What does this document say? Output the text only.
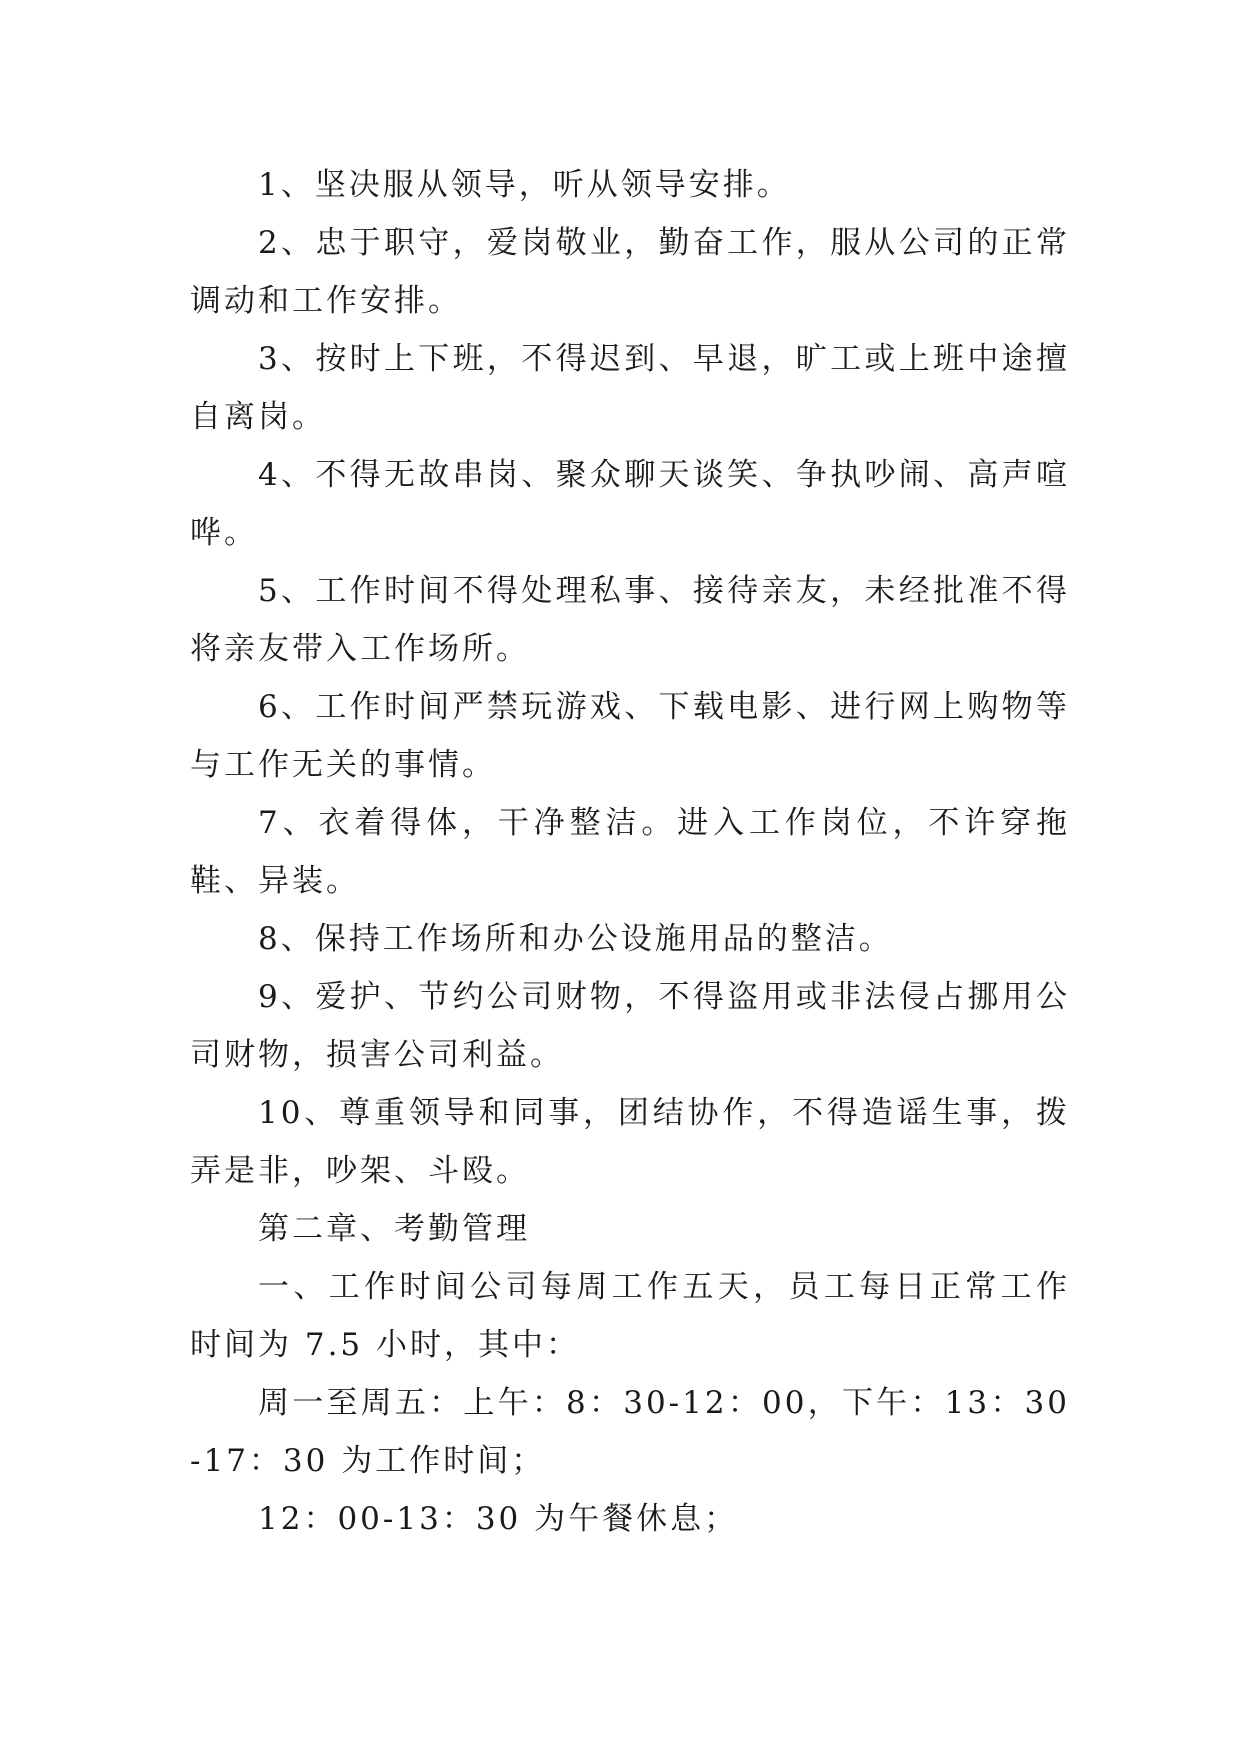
1、坚决服从领导，听从领导安排。

2、忠于职守，爱岗敬业，勤奋工作，服从公司的正常调动和工作安排。

3、按时上下班，不得迟到、早退，旷工或上班中途擅自离岗。

4、不得无故串岗、聚众聊天谈笑、争执吵闹、高声喧哗。

5、工作时间不得处理私事、接待亲友，未经批准不得将亲友带入工作场所。

6、工作时间严禁玩游戏、下载电影、进行网上购物等与工作无关的事情。

7、衣着得体，干净整洁。进入工作岗位，不许穿拖鞋、异装。

8、保持工作场所和办公设施用品的整洁。

9、爱护、节约公司财物，不得盗用或非法侵占挪用公司财物，损害公司利益。

10、尊重领导和同事，团结协作，不得造谣生事，拨弄是非，吵架、斗殴。

第二章、考勤管理

一、工作时间公司每周工作五天，员工每日正常工作时间为 7.5 小时，其中：

周一至周五：上午：8：30-12：00，下午：13：30-17：30 为工作时间；

12：00-13：30 为午餐休息；
